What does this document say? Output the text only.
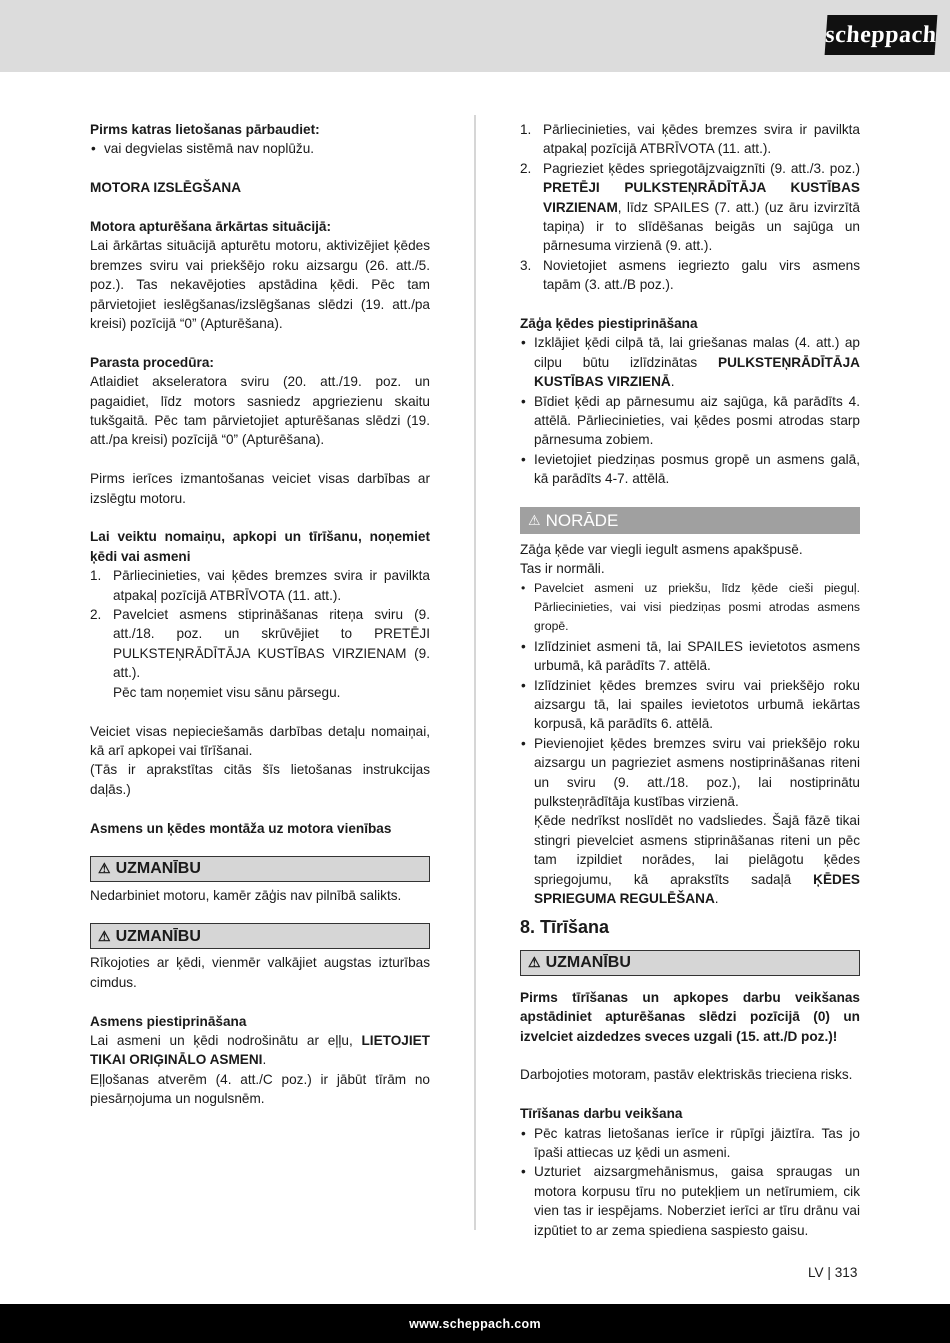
scheppach

Pirms katras lietošanas pārbaudiet:

• vai degvielas sistēmā nav noplūžu.

MOTORA IZSLĒGŠANA

Motora apturēšana ārkārtas situācijā:

Lai ārkārtas situācijā apturētu motoru, aktivizējiet ķēdes bremzes sviru vai priekšējo roku aizsargu (26. att./5. poz.). Tas nekavējoties apstādina ķēdi. Pēc tam pārvietojiet ieslēgšanas/izslēgšanas slēdzi (19. att./pa kreisi) pozīcijā “0” (Apturēšana).

Parasta procedūra:

Atlaidiet akseleratora sviru (20. att./19. poz. un pagaidiet, līdz motors sasniedz apgriezienu skaitu tukšgaitā. Pēc tam pārvietojiet apturēšanas slēdzi (19. att./pa kreisi) pozīcijā “0” (Apturēšana).

Pirms ierīces izmantošanas veiciet visas darbības ar izslēgtu motoru.

Lai veiktu nomaiņu, apkopi un tīrīšanu, noņemiet ķēdi vai asmeni

1. Pārliecinieties, vai ķēdes bremzes svira ir pavilkta atpakaļ pozīcijā ATBRĪVOTA (11. att.).

2. Pavelciet asmens stiprināšanas riteņa sviru (9. att./18. poz. un skrūvējiet to PRETĒJI PULKSTEŅRĀDĪTĀJA KUSTĪBAS VIRZIENAM (9. att.).

Pēc tam noņemiet visu sānu pārsegu.

Veiciet visas nepieciešamās darbības detaļu nomaiņai, kā arī apkopei vai tīrīšanai.

(Tās ir aprakstītas citās šīs lietošanas instrukcijas daļās.)

Asmens un ķēdes montāža uz motora vienības

⚠ UZMANĪBU

Nedarbiniet motoru, kamēr zāģis nav pilnībā salikts.

⚠ UZMANĪBU

Rīkojoties ar ķēdi, vienmēr valkājiet augstas izturības cimdus.

Asmens piestiprināšana

Lai asmeni un ķēdi nodrošinātu ar eļļu, LIETOJIET TIKAI ORIĢINĀLO ASMENI.

Eļļošanas atverēm (4. att./C poz.) ir jābūt tīrām no piesārņojuma un nogulsnēm.

1. Pārliecinieties, vai ķēdes bremzes svira ir pavilkta atpakaļ pozīcijā ATBRĪVOTA (11. att.).

2. Pagrieziet ķēdes spriegotājzvaigznīti (9. att./3. poz.) PRETĒJI PULKSTEŅRĀDĪTĀJA KUSTĪBAS VIRZIENAM, līdz SPAILES (7. att.) (uz āru izvirzītā tapiņa) ir to slīdēšanas beigās un sajūga un pārnesuma virzienā (9. att.).

3. Novietojiet asmens iegriezto galu virs asmens tapām (3. att./B poz.).

Zāģa ķēdes piestiprināšana

• Izklājiet ķēdi cilpā tā, lai griešanas malas (4. att.) ap cilpu būtu izlīdzinātas PULKSTEŅRĀDĪTĀJA KUSTĪBAS VIRZIENĀ.

• Bīdiet ķēdi ap pārnesumu aiz sajūga, kā parādīts 4. attēlā. Pārliecinieties, vai ķēdes posmi atrodas starp pārnesuma zobiem.

• Ievietojiet piedziņas posmus gropē un asmens galā, kā parādīts 4-7. attēlā.

⚠ NORĀDE

Zāģa ķēde var viegli iegult asmens apakšpusē.

Tas ir normāli.

• Pavelciet asmeni uz priekšu, līdz ķēde cieši pieguļ. Pārliecinieties, vai visi piedziņas posmi atrodas asmens gropē.

• Izlīdziniet asmeni tā, lai SPAILES ievietotos asmens urbumā, kā parādīts 7. attēlā.

• Izlīdziniet ķēdes bremzes sviru vai priekšējo roku aizsargu tā, lai spailes ievietotos urbumā iekārtas korpusā, kā parādīts 6. attēlā.

• Pievienojiet ķēdes bremzes sviru vai priekšējo roku aizsargu un pagrieziet asmens nostiprināšanas riteni un sviru (9. att./18. poz.), lai nostiprinātu pulksteņrādītāja kustības virzienā.

Ķēde nedrīkst noslīdēt no vadsliedes. Šajā fāzē tikai stingri pievelciet asmens stiprināšanas riteni un pēc tam izpildiet norādes, lai pielāgotu ķēdes spriegojumu, kā aprakstīts sadaļā ĶĒDES SPRIEGUMA REGULĒŠANA.

8. Tīrīšana
⚠ UZMANĪBU

Pirms tīrīšanas un apkopes darbu veikšanas apstādiniet apturēšanas slēdzi pozīcijā (0) un izvelciet aizdedzes sveces uzgali (15. att./D poz.)!

Darbojoties motoram, pastāv elektriskās trieciena risks.

Tīrīšanas darbu veikšana

• Pēc katras lietošanas ierīce ir rūpīgi jāiztīra. Tas jo īpaši attiecas uz ķēdi un asmeni.

• Uzturiet aizsargmehānismus, gaisa spraugas un motora korpusu tīru no putekļiem un netīrumiem, cik vien tas ir iespējams. Noberziet ierīci ar tīru drānu vai izpūtiet to ar zema spiediena saspiesto gaisu.

LV | 313
www.scheppach.com
